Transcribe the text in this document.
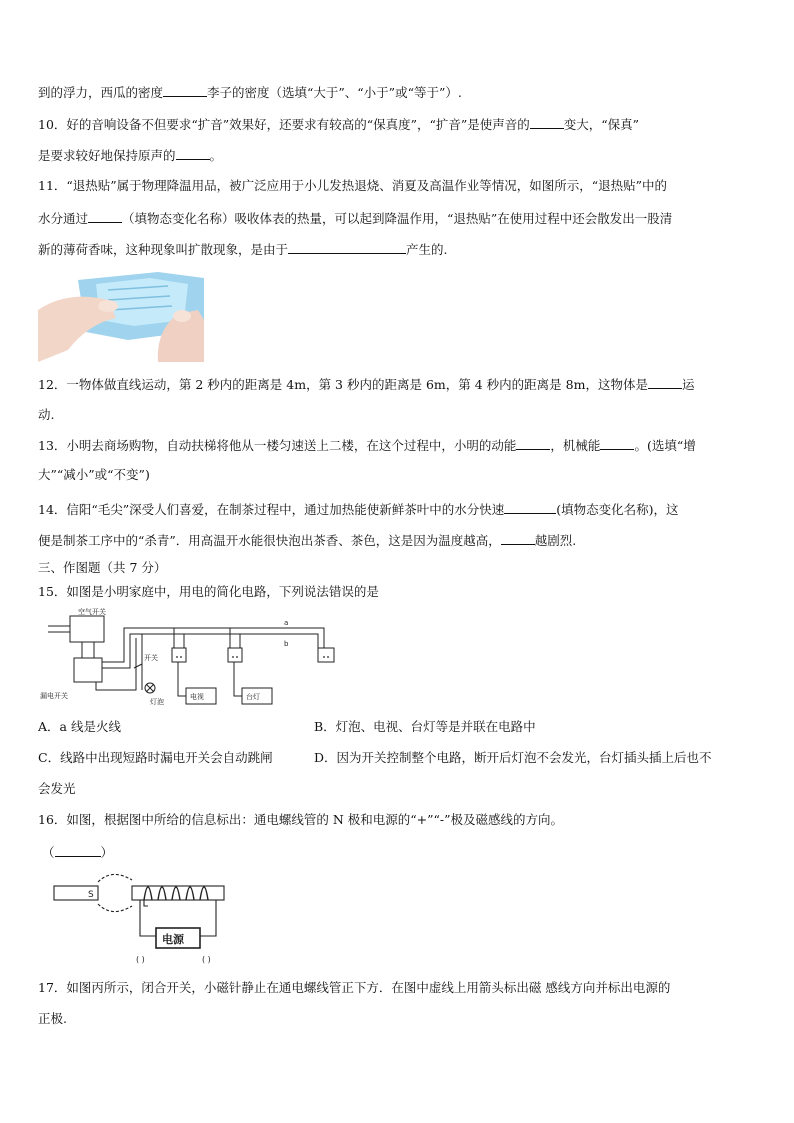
到的浮力，西瓜的密度	李子的密度（选填“大于”、“小于”或“等于”）.
10．好的音响设备不但要求“扩音”效果好，还要求有较高的“保真度”，“扩音”是使声音的	变大，“保真”
是要求较好地保持原声的	。
11．“退热贴”属于物理降温用品，被广泛应用于小儿发热退烧、消夏及高温作业等情况，如图所示，“退热贴”中的
水分通过	（填物态变化名称）吸收体表的热量，可以起到降温作用，“退热贴”在使用过程中还会散发出一股清
新的薄荷香味，这种现象叫扩散现象，是由于	产生的.
12．一物体做直线运动，第 2 秒内的距离是 4m，第 3 秒内的距离是 6m，第 4 秒内的距离是 8m，这物体是	运
动.
13．小明去商场购物，自动扶梯将他从一楼匀速送上二楼，在这个过程中，小明的动能	，机械能	。(选填“增
大”“减小”或“不变”)
14．信阳“毛尖”深受人们喜爱，在制茶过程中，通过加热能使新鲜茶叶中的水分快速	(填物态变化名称)，这
便是制茶工序中的“杀青”．用高温开水能很快泡出茶香、茶色，这是因为温度越高，	越剧烈.
三、作图题（共 7 分）
15．如图是小明家庭中，用电的简化电路，下列说法错误的是
空气开关
漏电开关
a
b
开关
灯泡
电视	台灯
A．a 线是火线	B．灯泡、电视、台灯等是并联在电路中
C．线路中出现短路时漏电开关会自动跳闸	D．因为开关控制整个电路，断开后灯泡不会发光，台灯插头插上后也不
会发光
16．如图，根据图中所给的信息标出：通电螺线管的 N 极和电源的“+”“-”极及磁感线的方向。
（	）
S
电源
( )	( )
17．如图丙所示，闭合开关，小磁针静止在通电螺线管正下方．在图中虚线上用箭头标出磁 感线方向并标出电源的
正极.
